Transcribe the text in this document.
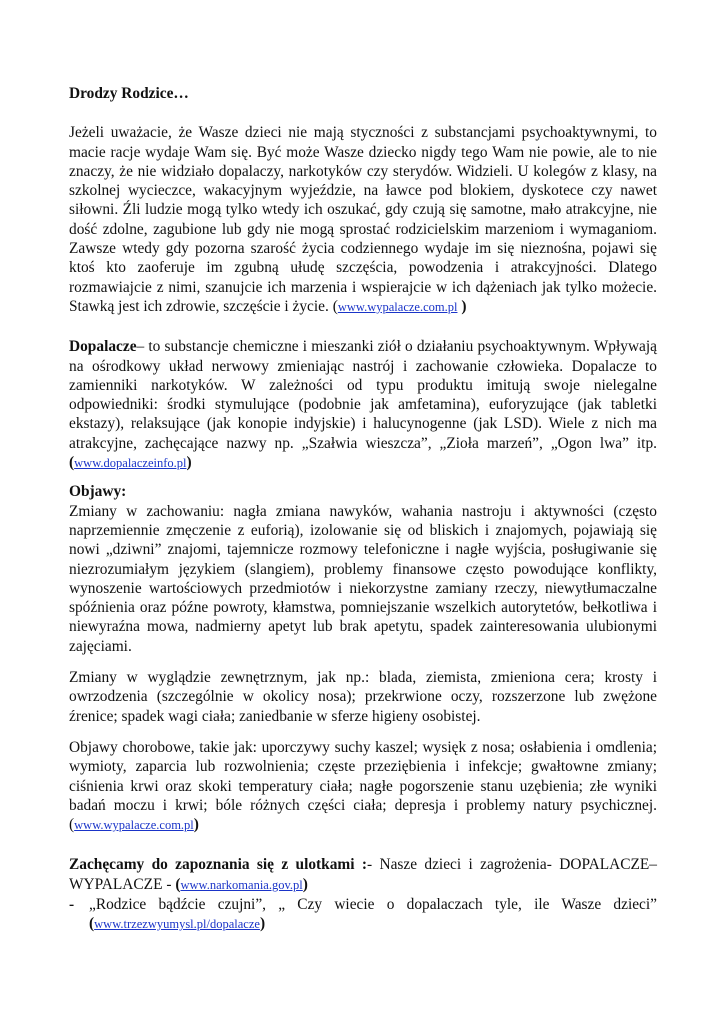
Drodzy Rodzice…

Jeżeli uważacie, że Wasze dzieci nie mają styczności z substancjami psychoaktywnymi, to macie racje wydaje Wam się. Być może Wasze dziecko nigdy tego Wam nie powie, ale to nie znaczy, że nie widziało dopalaczy, narkotyków czy sterydów. Widzieli. U kolegów z klasy, na szkolnej wycieczce, wakacyjnym wyjeździe, na ławce pod blokiem, dyskotece czy nawet siłowni. Źli ludzie mogą tylko wtedy ich oszukać, gdy czują się samotne, mało atrakcyjne, nie dość zdolne, zagubione lub gdy nie mogą sprostać rodzicielskim marzeniom i wymaganiom. Zawsze wtedy gdy pozorna szarość życia codziennego wydaje im się nieznośna, pojawi się ktoś kto zaoferuje im zgubną ułudę szczęścia, powodzenia i atrakcyjności. Dlatego rozmawiajcie z nimi, szanujcie ich marzenia i wspierajcie w ich dążeniach jak tylko możecie. Stawką jest ich zdrowie, szczęście i życie. (www.wypalacze.com.pl )

Dopalacze– to substancje chemiczne i mieszanki ziół o działaniu psychoaktywnym. Wpływają na ośrodkowy układ nerwowy zmieniając nastrój i zachowanie człowieka. Dopalacze to zamienniki narkotyków. W zależności od typu produktu imitują swoje nielegalne odpowiedniki: środki stymulujące (podobnie jak amfetamina), euforyzujące (jak tabletki ekstazy), relaksujące (jak konopie indyjskie) i halucynogenne (jak LSD). Wiele z nich ma atrakcyjne, zachęcające nazwy np. „Szałwia wieszcza”, „Zioła marzeń”, „Ogon lwa” itp. (www.dopalaczeinfo.pl)

Objawy:

Zmiany w zachowaniu: nagła zmiana nawyków, wahania nastroju i aktywności (często naprzemiennie zmęczenie z euforią), izolowanie się od bliskich i znajomych, pojawiają się nowi „dziwni” znajomi, tajemnicze rozmowy telefoniczne i nagłe wyjścia, posługiwanie się niezrozumiałym językiem (slangiem), problemy finansowe często powodujące konflikty, wynoszenie wartościowych przedmiotów i niekorzystne zamiany rzeczy, niewytłumaczalne spóźnienia oraz późne powroty, kłamstwa, pomniejszanie wszelkich autorytetów, bełkotliwa i niewyraźna mowa, nadmierny apetyt lub brak apetytu, spadek zainteresowania ulubionymi zajęciami.

Zmiany w wyglądzie zewnętrznym, jak np.: blada, ziemista, zmieniona cera; krosty i owrzodzenia (szczególnie w okolicy nosa); przekrwione oczy, rozszerzone lub zwężone źrenice; spadek wagi ciała; zaniedbanie w sferze higieny osobistej.

Objawy chorobowe, takie jak: uporczywy suchy kaszel; wysięk z nosa; osłabienia i omdlenia; wymioty, zaparcia lub rozwolnienia; częste przeziębienia i infekcje; gwałtowne zmiany; ciśnienia krwi oraz skoki temperatury ciała; nagłe pogorszenie stanu uzębienia; złe wyniki badań moczu i krwi; bóle różnych części ciała; depresja i problemy natury psychicznej. (www.wypalacze.com.pl)

Zachęcamy do zapoznania się z ulotkami :- Nasze dzieci i zagrożenia- DOPALACZE– WYPALACZE - (www.narkomania.gov.pl)

- „Rodzice bądźcie czujni”, „ Czy wiecie o dopalaczach tyle, ile Wasze dzieci” (www.trzezwyumysl.pl/dopalacze)
